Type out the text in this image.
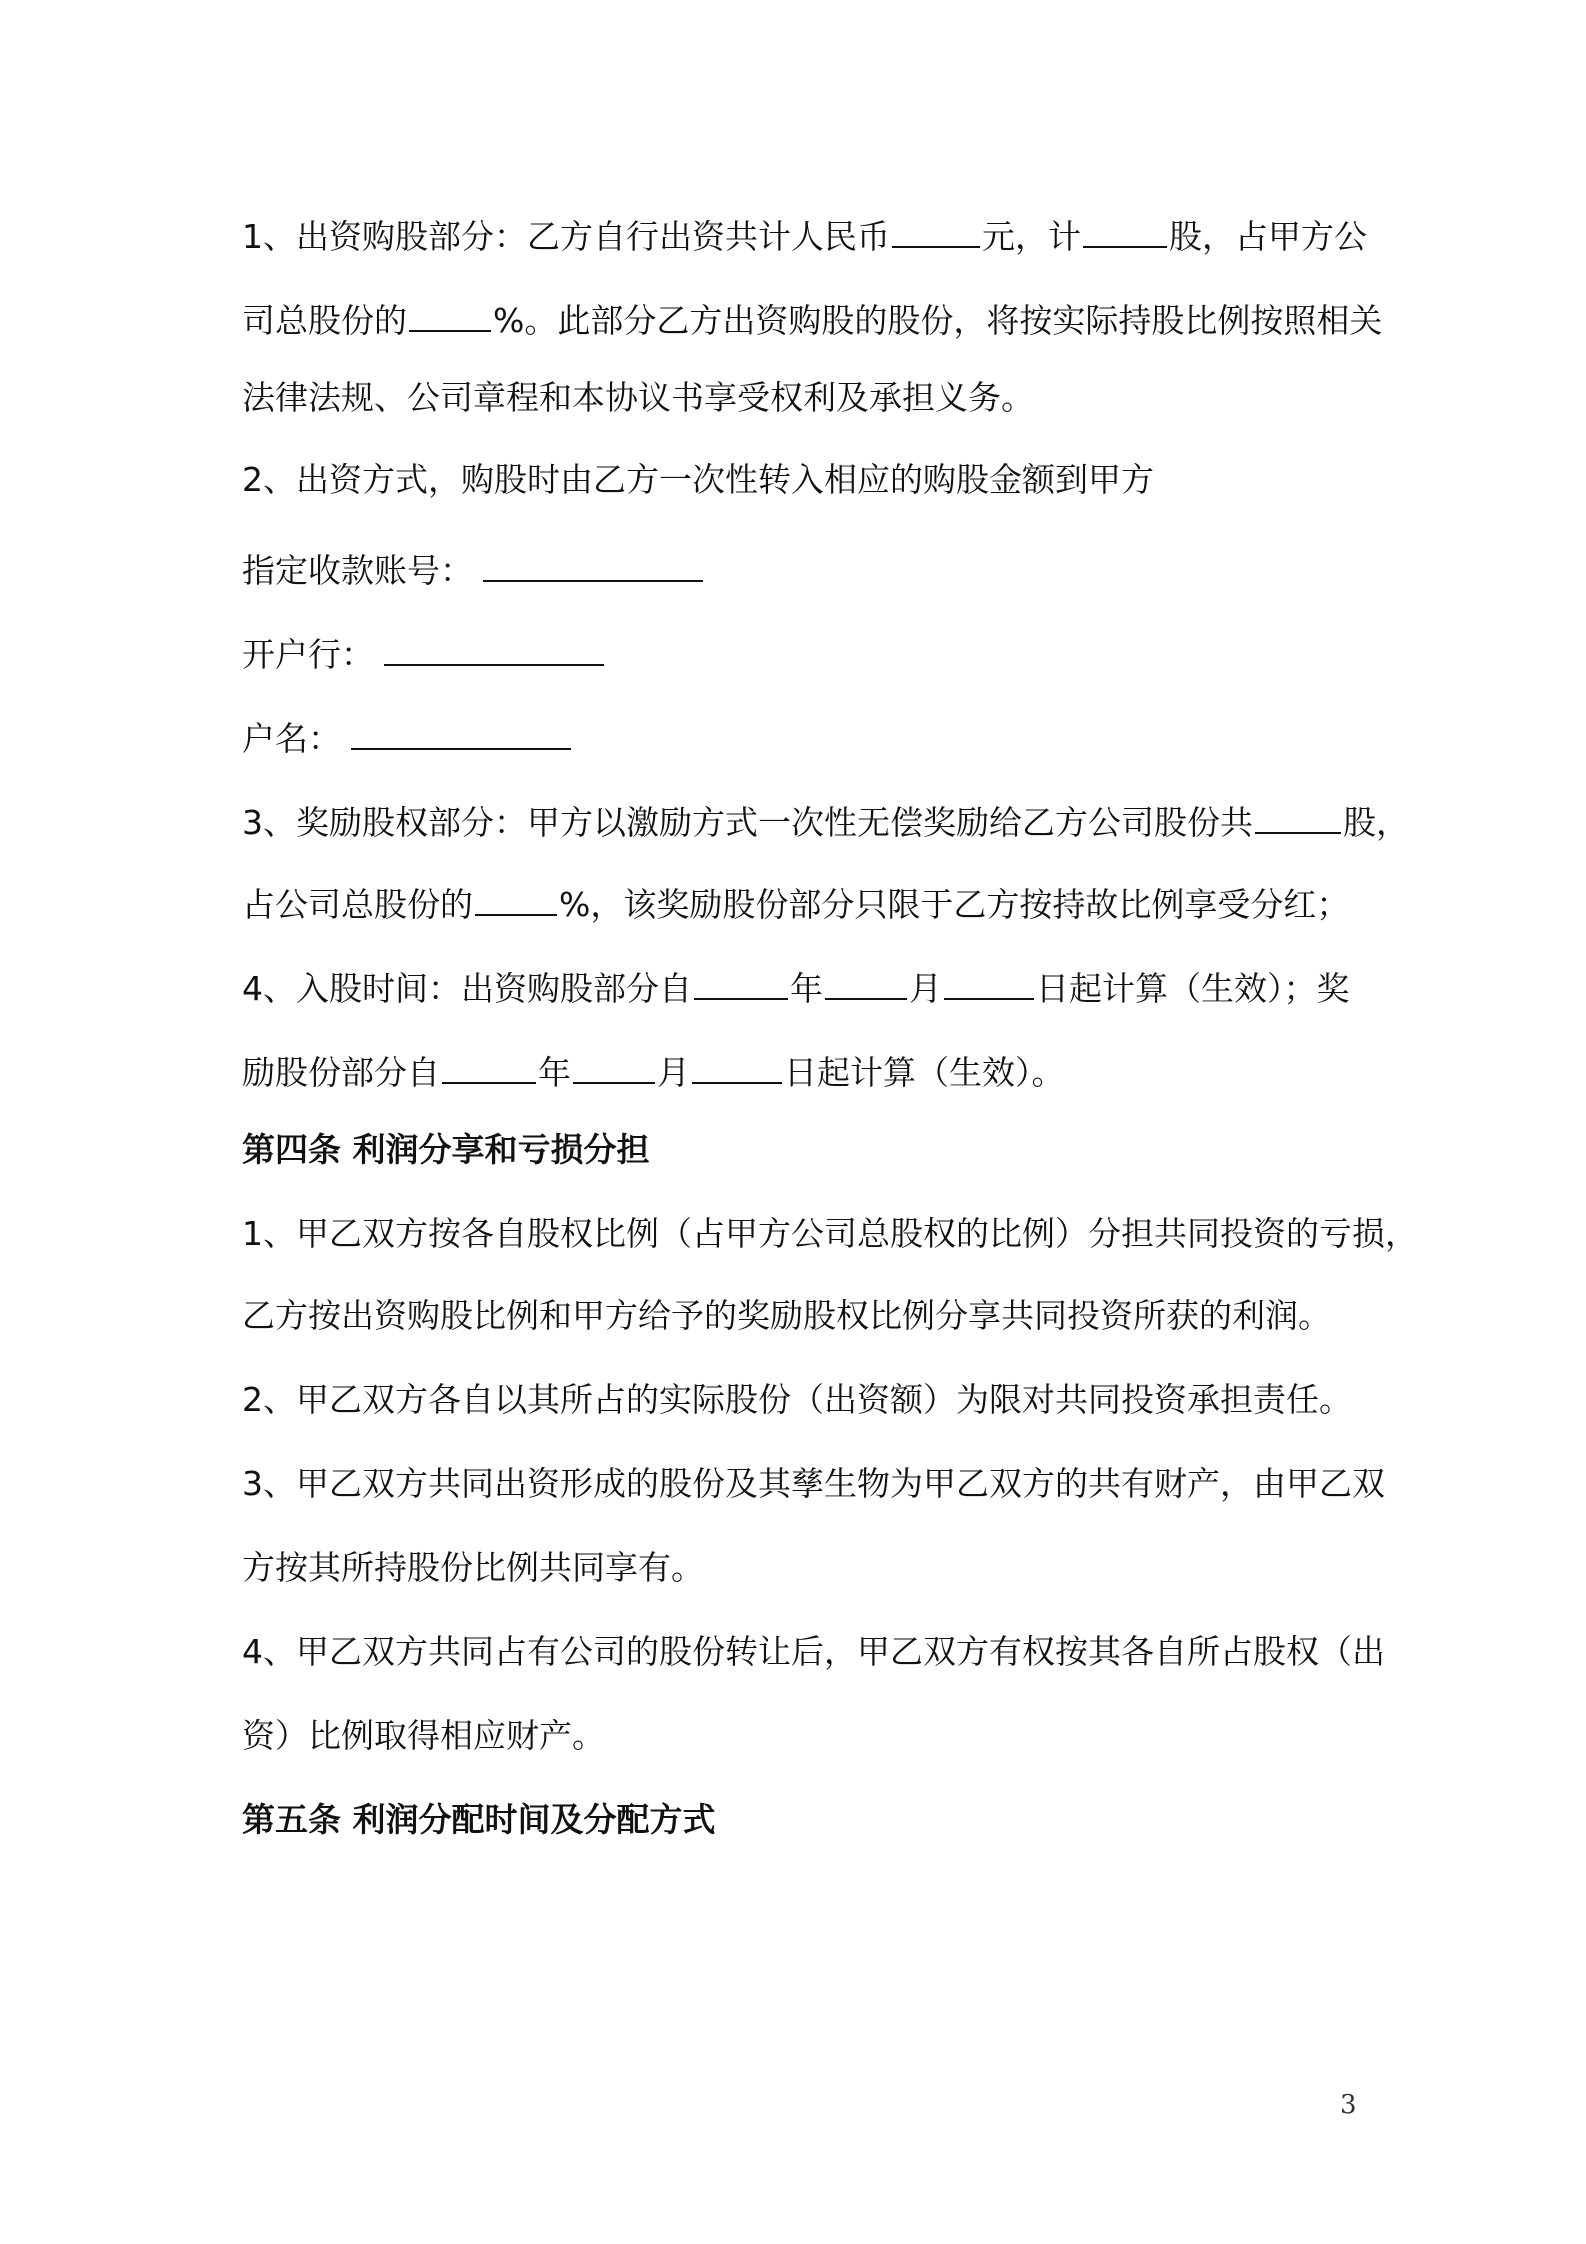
1、出资购股部分：乙方自行出资共计人民币	元，计	股，占甲方公
司总股份的	%。此部分乙方出资购股的股份，将按实际持股比例按照相关
法律法规、公司章程和本协议书享受权利及承担义务。
2、出资方式，购股时由乙方一次性转入相应的购股金额到甲方
指定收款账号：
开户行：
户名：
3、奖励股权部分：甲方以激励方式一次性无偿奖励给乙方公司股份共	股，
占公司总股份的	%，该奖励股份部分只限于乙方按持故比例享受分红；
4、入股时间：出资购股部分自	年	月	日起计算（生效）；奖
励股份部分自	年	月	日起计算（生效）。
第四条 利润分享和亏损分担
1、甲乙双方按各自股权比例（占甲方公司总股权的比例）分担共同投资的亏损，
乙方按出资购股比例和甲方给予的奖励股权比例分享共同投资所获的利润。
2、甲乙双方各自以其所占的实际股份（出资额）为限对共同投资承担责任。
3、甲乙双方共同出资形成的股份及其孳生物为甲乙双方的共有财产，由甲乙双
方按其所持股份比例共同享有。
4、甲乙双方共同占有公司的股份转让后，甲乙双方有权按其各自所占股权（出
资）比例取得相应财产。
第五条 利润分配时间及分配方式
3
